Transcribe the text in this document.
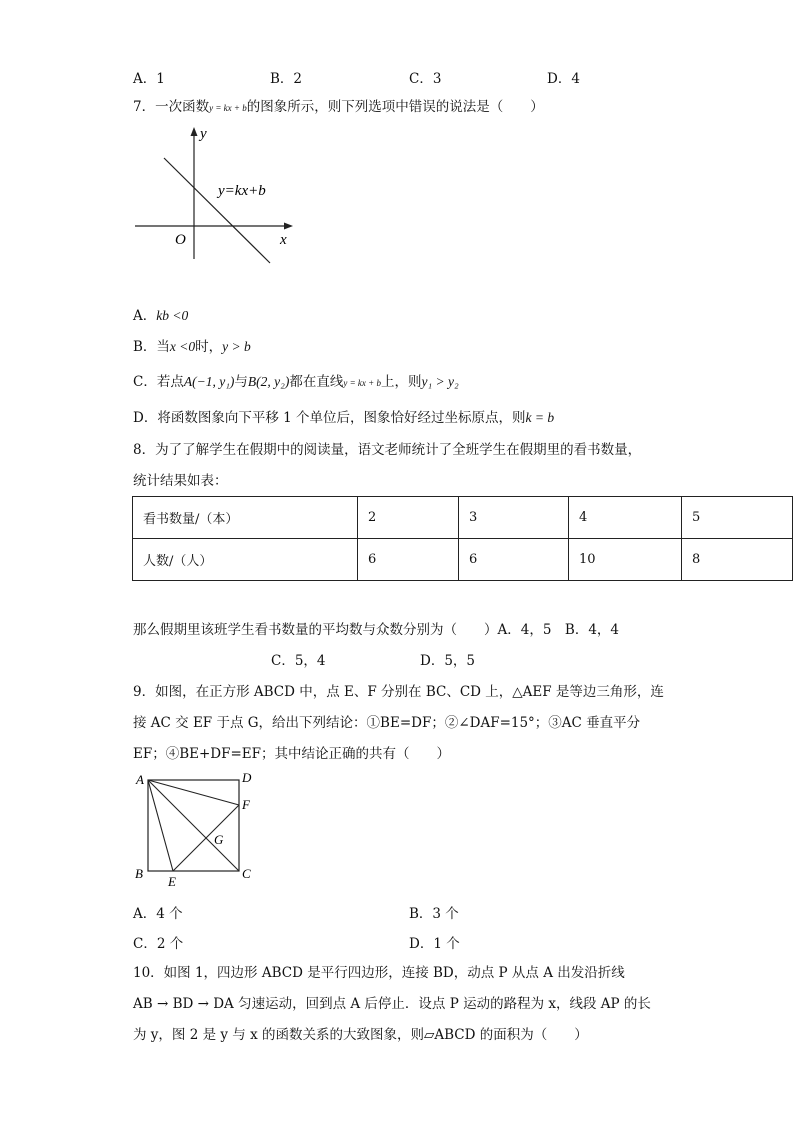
A．1	B．2	C．3	D．4
7．一次函数y = kx + b的图象所示，则下列选项中错误的说法是（　　）
y
x
O
y=kx+b
A．kb <0
B．当x <0时，y > b
C．若点A(−1, y₁)与B(2, y₂)都在直线y = kx + b上，则y₁ > y₂
D．将函数图象向下平移 1 个单位后，图象恰好经过坐标原点，则k = b
8．为了了解学生在假期中的阅读量，语文老师统计了全班学生在假期里的看书数量，
统计结果如表：
看书数量/（本）	2	3	4	5
人数/（人）	6	6	10	8
那么假期里该班学生看书数量的平均数与众数分别为（　　）A．4，5　B．4，4
C．5，4　　　　　　　D．5，5
9．如图，在正方形 ABCD 中，点 E、F 分别在 BC、CD 上，△AEF 是等边三角形，连
接 AC 交 EF 于点 G，给出下列结论：①BE=DF；②∠DAF=15°；③AC 垂直平分
EF；④BE+DF=EF；其中结论正确的共有（　　）
A	D
F
G
B
E
C
A．4 个	B．3 个
C．2 个	D．1 个
10．如图 1，四边形 ABCD 是平行四边形，连接 BD，动点 P 从点 A 出发沿折线
AB → BD → DA 匀速运动，回到点 A 后停止．设点 P 运动的路程为 x，线段 AP 的长
为 y，图 2 是 y 与 x 的函数关系的大致图象，则▱ABCD 的面积为（　　）
